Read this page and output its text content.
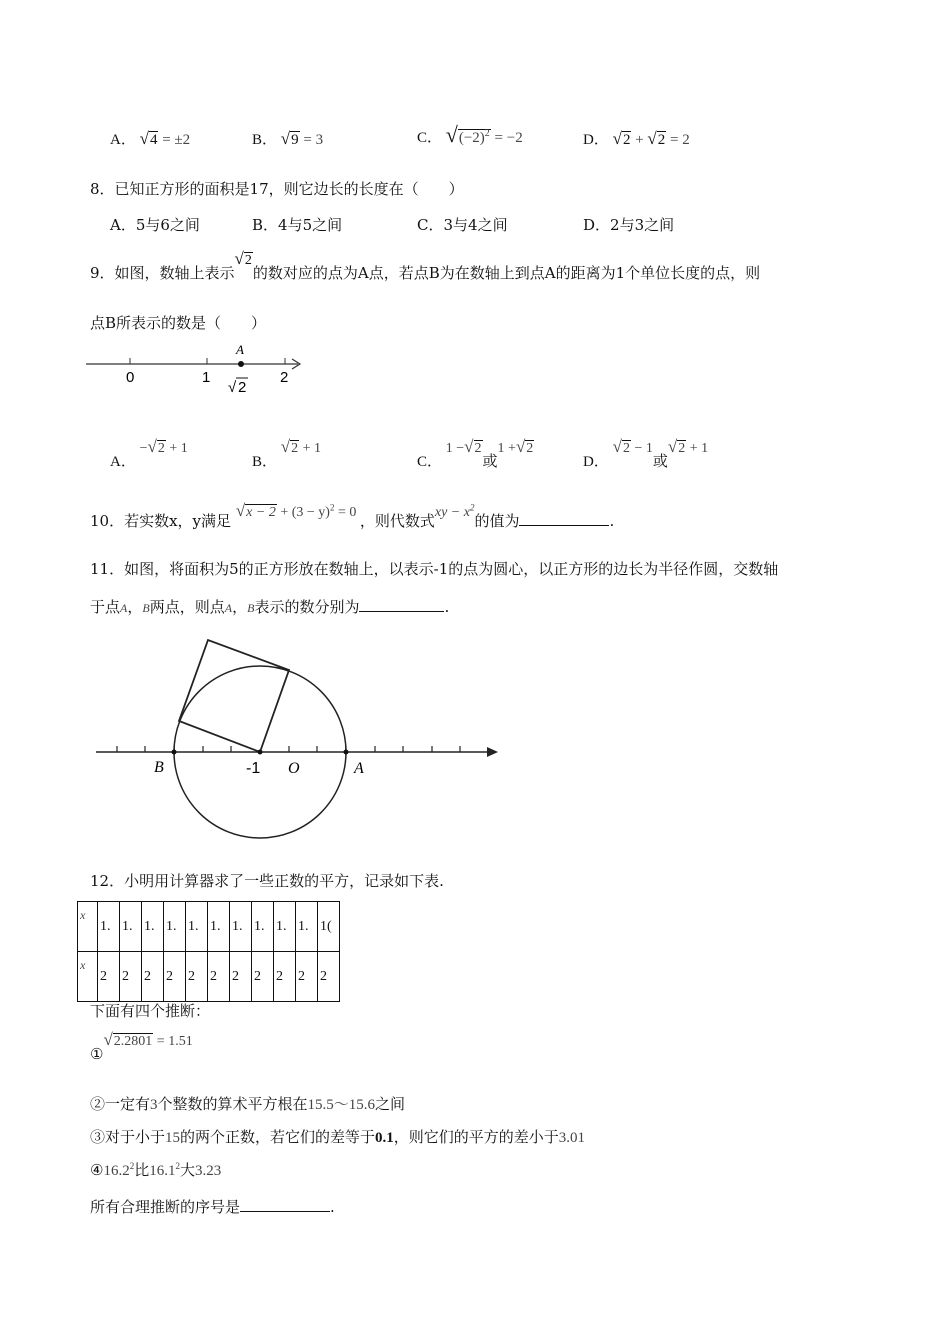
A． √4 = ±2	B． √9 = 3	C． $√(-2)^2 = -2$	D． √2 + √2 = 2
8．已知正方形的面积是17，则它边长的长度在（　　）
A．5与6之间	B．4与5之间	C．3与4之间	D．2与3之间
9．如图，数轴上表示√2的数对应的点为A点，若点B为在数轴上到点A的距离为1个单位长度的点，则
点B所表示的数是（　　）
A
0	1	2
√ 2
A． −√2 + 1
B． √2 + 1
C． 1 −√2或1 +√2
D． √2 − 1或√2 + 1
10．若实数x，y满足 $√x - 2 + (3 - y)^2 = 0$ ，则代数式xy − $x^2$的值为	.
11．如图，将面积为5的正方形放在数轴上，以表示-1的点为圆心，以正方形的边长为半径作圆，交数轴
于点A，B两点，则点A，B表示的数分别为	.
B	-1 O	A
12．小明用计算器求了一些正数的平方，记录如下表.
x	1.	1.	1.	1.	1.	1.	1.	1.	1.	1.	1(
x	2	2	2	2	2	2	2	2	2	2	2
下面有四个推断：
①√2.2801 = 1.51
②一定有3个整数的算术平方根在15.5～15.6之间
③对于小于15的两个正数，若它们的差等于0.1，则它们的平方的差小于3.01
④16.2$^2$比16.1$^2$大3.23
所有合理推断的序号是	.
